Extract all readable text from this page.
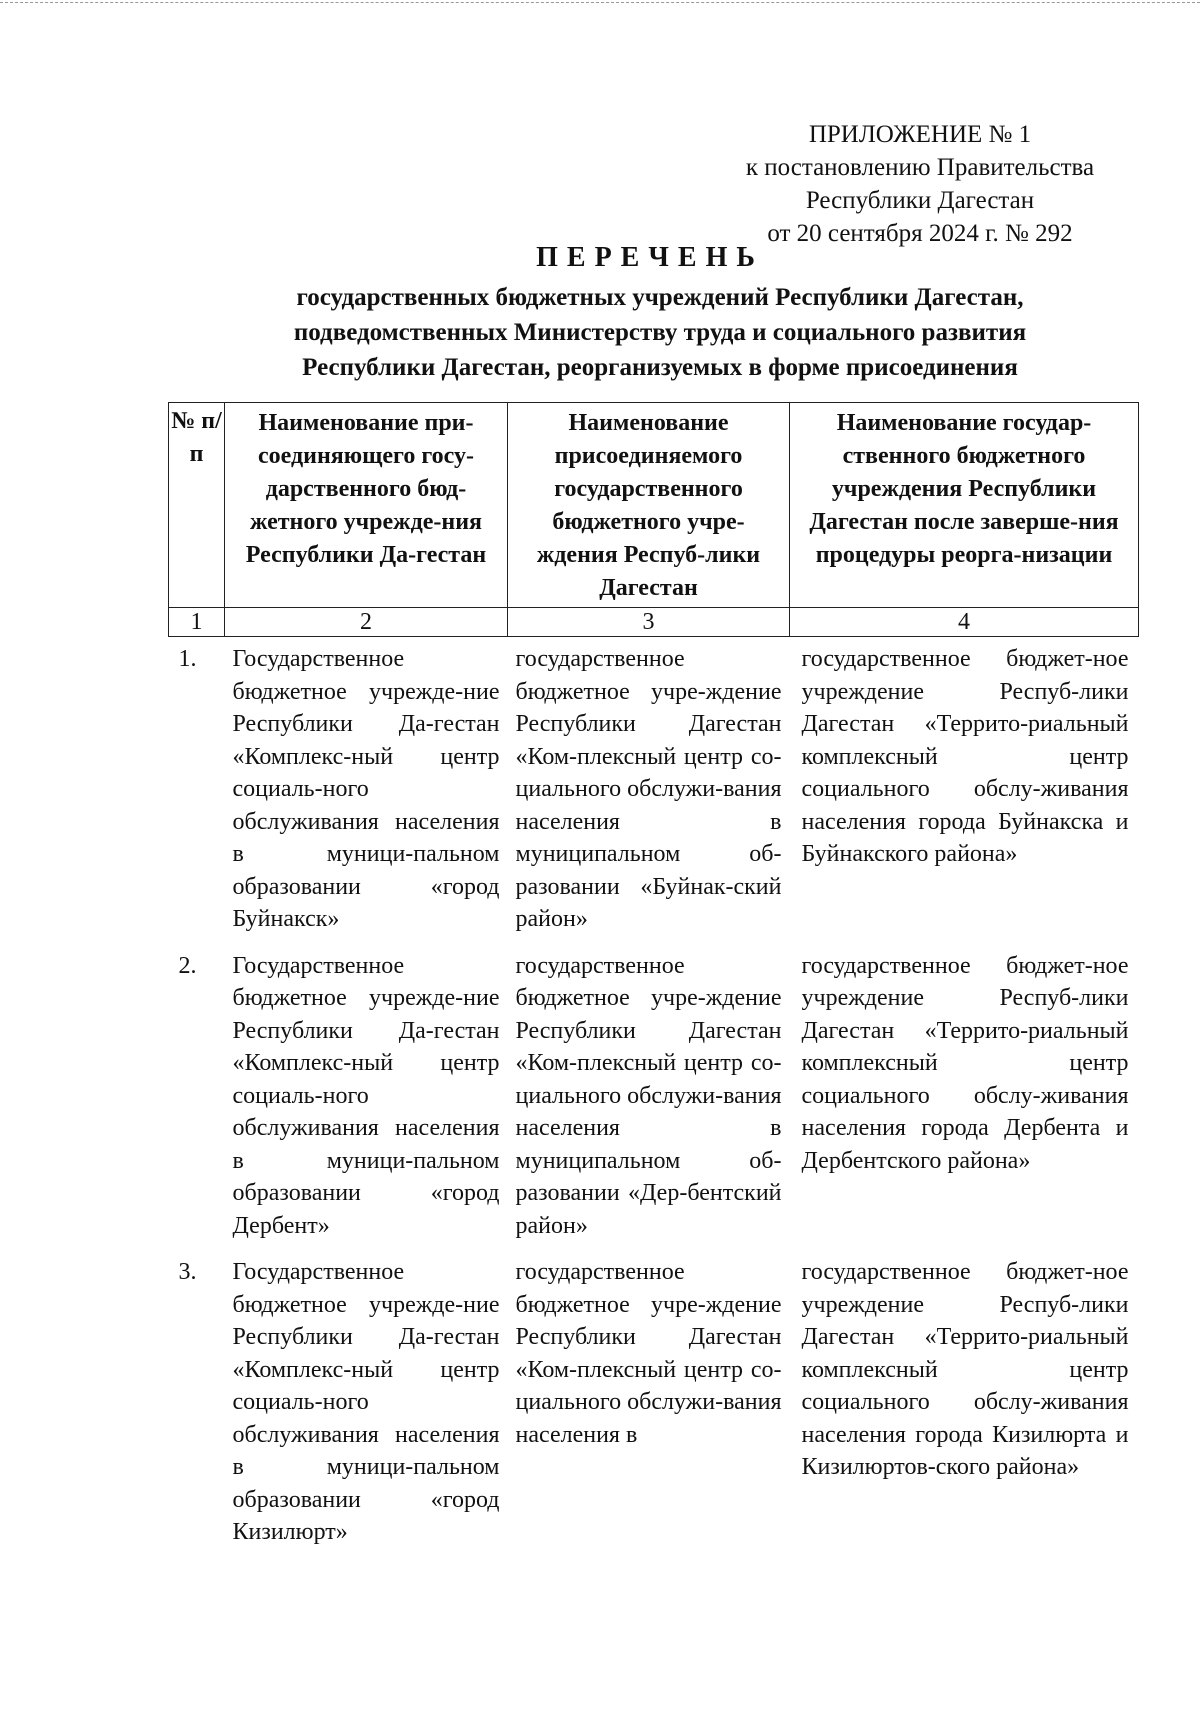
ПРИЛОЖЕНИЕ № 1
к постановлению Правительства
Республики Дагестан
от 20 сентября 2024 г. № 292
ПЕРЕЧЕНЬ
государственных бюджетных учреждений Республики Дагестан,
подведомственных Министерству труда и социального развития
Республики Дагестан, реорганизуемых в форме присоединения
№ п/п	Наименование при-соединяющего госу-дарственного бюд-жетного учрежде-ния Республики Да-гестан	Наименование присоединяемого государственного бюджетного учре-ждения Респуб-лики Дагестан	Наименование государ-ственного бюджетного учреждения Республики Дагестан после заверше-ния процедуры реорга-низации
1	2	3	4
1.	Государственное бюджетное учрежде-ние Республики Да-гестан «Комплекс-ный центр социаль-ного обслуживания населения в муници-пальном образовании «город Буйнакск»	государственное бюджетное учре-ждение Республики Дагестан «Ком-плексный центр со-циального обслужи-вания населения в муниципальном об-разовании «Буйнак-ский район»	государственное бюджет-ное учреждение Респуб-лики Дагестан «Террито-риальный комплексный центр социального обслу-живания населения города Буйнакска и Буйнакского района»
2.	Государственное бюджетное учрежде-ние Республики Да-гестан «Комплекс-ный центр социаль-ного обслуживания населения в муници-пальном образовании «город Дербент»	государственное бюджетное учре-ждение Республики Дагестан «Ком-плексный центр со-циального обслужи-вания населения в муниципальном об-разовании «Дер-бентский район»	государственное бюджет-ное учреждение Респуб-лики Дагестан «Террито-риальный комплексный центр социального обслу-живания населения города Дербента и Дербентского района»
3.	Государственное бюджетное учрежде-ние Республики Да-гестан «Комплекс-ный центр социаль-ного обслуживания населения в муници-пальном образовании «город Кизилюрт»	государственное бюджетное учре-ждение Республики Дагестан «Ком-плексный центр со-циального обслужи-вания населения в	государственное бюджет-ное учреждение Респуб-лики Дагестан «Террито-риальный комплексный центр социального обслу-живания населения города Кизилюрта и Кизилюртов-ского района»
